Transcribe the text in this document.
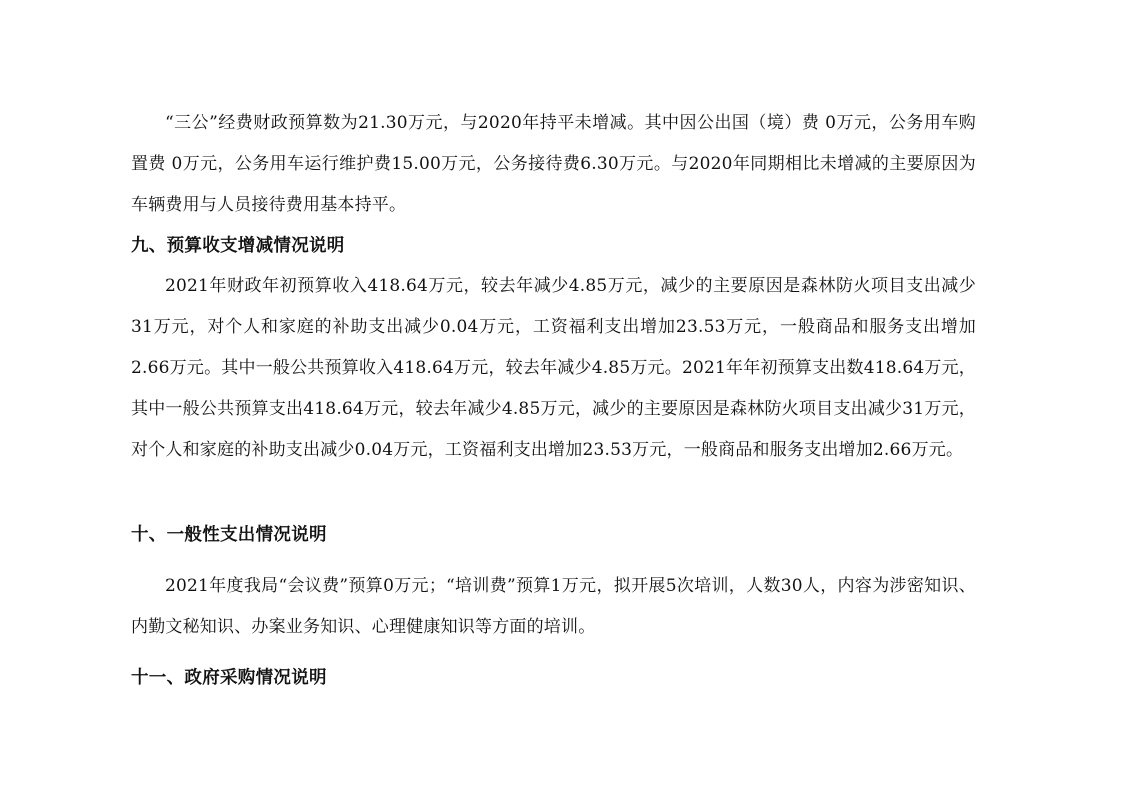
“三公”经费财政预算数为21.30万元，与2020年持平未增减。其中因公出国（境）费 0万元，公务用车购置费 0万元，公务用车运行维护费15.00万元，公务接待费6.30万元。与2020年同期相比未增减的主要原因为车辆费用与人员接待费用基本持平。

九、预算收支增减情况说明

2021年财政年初预算收入418.64万元，较去年减少4.85万元，减少的主要原因是森林防火项目支出减少31万元，对个人和家庭的补助支出减少0.04万元，工资福利支出增加23.53万元，一般商品和服务支出增加2.66万元。其中一般公共预算收入418.64万元，较去年减少4.85万元。2021年年初预算支出数418.64万元，其中一般公共预算支出418.64万元，较去年减少4.85万元，减少的主要原因是森林防火项目支出减少31万元，对个人和家庭的补助支出减少0.04万元，工资福利支出增加23.53万元，一般商品和服务支出增加2.66万元。

十、一般性支出情况说明

2021年度我局“会议费”预算0万元；“培训费”预算1万元，拟开展5次培训，人数30人，内容为涉密知识、内勤文秘知识、办案业务知识、心理健康知识等方面的培训。

十一、政府采购情况说明
